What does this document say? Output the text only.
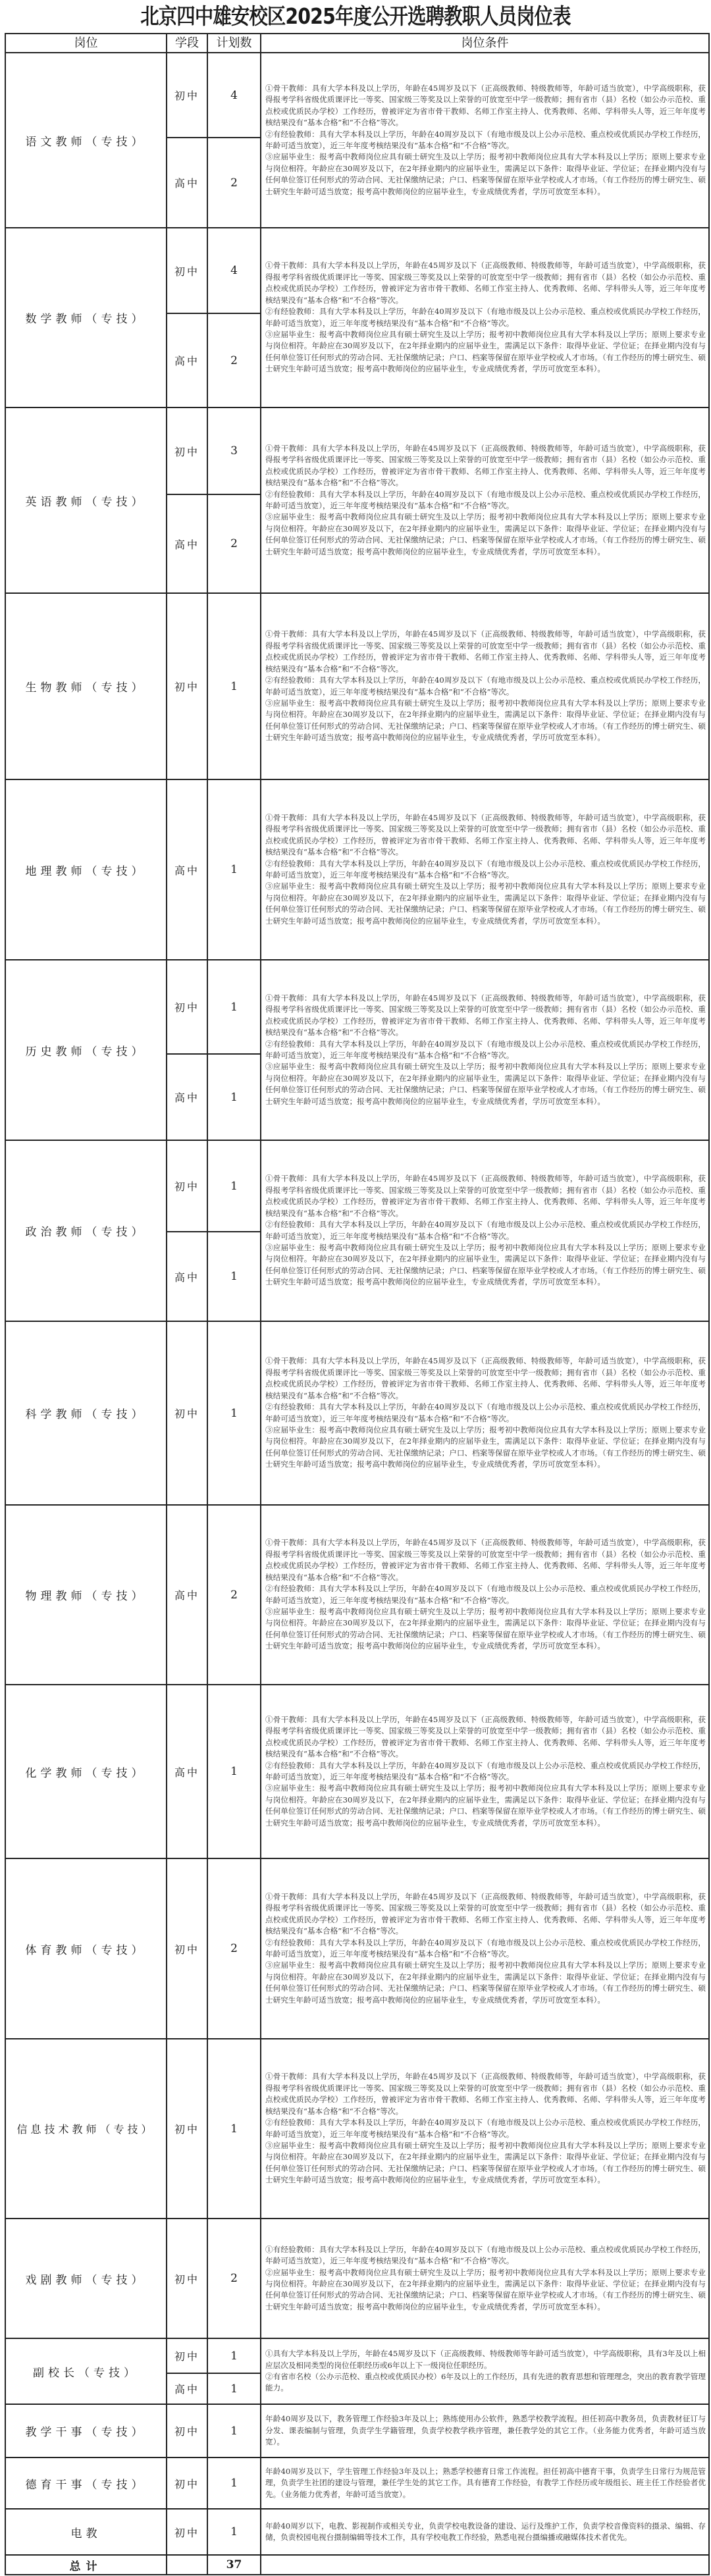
北京四中雄安校区2025年度公开选聘教职人员岗位表
岗位	学段	计划数	岗位条件
语文教师（专技）	初中	4	①骨干教师：具有大学本科及以上学历，年龄在45周岁及以下（正高级教师、特级教师等，年龄可适当放宽），中学高级职称，获得报考学科省级优质课评比一等奖、国家级三等奖及以上荣誉的可放宽至中学一级教师；拥有省市（县）名校（如公办示范校、重点校或优质民办学校）工作经历，曾被评定为省市骨干教师、名师工作室主持人、优秀教师、名师、学科带头人等，近三年年度考核结果没有“基本合格”和“不合格”等次。

②有经验教师：具有大学本科及以上学历，年龄在40周岁及以下（有地市级及以上公办示范校、重点校或优质民办学校工作经历，年龄可适当放宽），近三年年度考核结果没有“基本合格”和“不合格”等次。

③应届毕业生：报考高中教师岗位应具有硕士研究生及以上学历；报考初中教师岗位应具有大学本科及以上学历；原则上要求专业与岗位相符。年龄应在30周岁及以下，在2年择业期内的应届毕业生，需满足以下条件：取得毕业证、学位证；在择业期内没有与任何单位签订任何形式的劳动合同、无社保缴纳记录；户口、档案等保留在原毕业学校或人才市场。（有工作经历的博士研究生、硕士研究生年龄可适当放宽；报考高中教师岗位的应届毕业生，专业成绩优秀者，学历可放宽至本科）。

	高中	2	
数学教师（专技）	初中	4	①骨干教师：具有大学本科及以上学历，年龄在45周岁及以下（正高级教师、特级教师等，年龄可适当放宽），中学高级职称，获得报考学科省级优质课评比一等奖、国家级三等奖及以上荣誉的可放宽至中学一级教师；拥有省市（县）名校（如公办示范校、重点校或优质民办学校）工作经历，曾被评定为省市骨干教师、名师工作室主持人、优秀教师、名师、学科带头人等，近三年年度考核结果没有“基本合格”和“不合格”等次。

②有经验教师：具有大学本科及以上学历，年龄在40周岁及以下（有地市级及以上公办示范校、重点校或优质民办学校工作经历，年龄可适当放宽），近三年年度考核结果没有“基本合格”和“不合格”等次。

③应届毕业生：报考高中教师岗位应具有硕士研究生及以上学历；报考初中教师岗位应具有大学本科及以上学历；原则上要求专业与岗位相符。年龄应在30周岁及以下，在2年择业期内的应届毕业生，需满足以下条件：取得毕业证、学位证；在择业期内没有与任何单位签订任何形式的劳动合同、无社保缴纳记录；户口、档案等保留在原毕业学校或人才市场。（有工作经历的博士研究生、硕士研究生年龄可适当放宽；报考高中教师岗位的应届毕业生，专业成绩优秀者，学历可放宽至本科）。

	高中	2	
英语教师（专技）	初中	3	①骨干教师：具有大学本科及以上学历，年龄在45周岁及以下（正高级教师、特级教师等，年龄可适当放宽），中学高级职称，获得报考学科省级优质课评比一等奖、国家级三等奖及以上荣誉的可放宽至中学一级教师；拥有省市（县）名校（如公办示范校、重点校或优质民办学校）工作经历，曾被评定为省市骨干教师、名师工作室主持人、优秀教师、名师、学科带头人等，近三年年度考核结果没有“基本合格”和“不合格”等次。

②有经验教师：具有大学本科及以上学历，年龄在40周岁及以下（有地市级及以上公办示范校、重点校或优质民办学校工作经历，年龄可适当放宽），近三年年度考核结果没有“基本合格”和“不合格”等次。

③应届毕业生：报考高中教师岗位应具有硕士研究生及以上学历；报考初中教师岗位应具有大学本科及以上学历；原则上要求专业与岗位相符。年龄应在30周岁及以下，在2年择业期内的应届毕业生，需满足以下条件：取得毕业证、学位证；在择业期内没有与任何单位签订任何形式的劳动合同、无社保缴纳记录；户口、档案等保留在原毕业学校或人才市场。（有工作经历的博士研究生、硕士研究生年龄可适当放宽；报考高中教师岗位的应届毕业生，专业成绩优秀者，学历可放宽至本科）。

	高中	2	
生物教师（专技）	初中	1	①骨干教师：具有大学本科及以上学历，年龄在45周岁及以下（正高级教师、特级教师等，年龄可适当放宽），中学高级职称，获得报考学科省级优质课评比一等奖、国家级三等奖及以上荣誉的可放宽至中学一级教师；拥有省市（县）名校（如公办示范校、重点校或优质民办学校）工作经历，曾被评定为省市骨干教师、名师工作室主持人、优秀教师、名师、学科带头人等，近三年年度考核结果没有“基本合格”和“不合格”等次。

②有经验教师：具有大学本科及以上学历，年龄在40周岁及以下（有地市级及以上公办示范校、重点校或优质民办学校工作经历，年龄可适当放宽），近三年年度考核结果没有“基本合格”和“不合格”等次。

③应届毕业生：报考高中教师岗位应具有硕士研究生及以上学历；报考初中教师岗位应具有大学本科及以上学历；原则上要求专业与岗位相符。年龄应在30周岁及以下，在2年择业期内的应届毕业生，需满足以下条件：取得毕业证、学位证；在择业期内没有与任何单位签订任何形式的劳动合同、无社保缴纳记录；户口、档案等保留在原毕业学校或人才市场。（有工作经历的博士研究生、硕士研究生年龄可适当放宽；报考高中教师岗位的应届毕业生，专业成绩优秀者，学历可放宽至本科）。

地理教师（专技）	高中	1	①骨干教师：具有大学本科及以上学历，年龄在45周岁及以下（正高级教师、特级教师等，年龄可适当放宽），中学高级职称，获得报考学科省级优质课评比一等奖、国家级三等奖及以上荣誉的可放宽至中学一级教师；拥有省市（县）名校（如公办示范校、重点校或优质民办学校）工作经历，曾被评定为省市骨干教师、名师工作室主持人、优秀教师、名师、学科带头人等，近三年年度考核结果没有“基本合格”和“不合格”等次。

②有经验教师：具有大学本科及以上学历，年龄在40周岁及以下（有地市级及以上公办示范校、重点校或优质民办学校工作经历，年龄可适当放宽），近三年年度考核结果没有“基本合格”和“不合格”等次。

③应届毕业生：报考高中教师岗位应具有硕士研究生及以上学历；报考初中教师岗位应具有大学本科及以上学历；原则上要求专业与岗位相符。年龄应在30周岁及以下，在2年择业期内的应届毕业生，需满足以下条件：取得毕业证、学位证；在择业期内没有与任何单位签订任何形式的劳动合同、无社保缴纳记录；户口、档案等保留在原毕业学校或人才市场。（有工作经历的博士研究生、硕士研究生年龄可适当放宽；报考高中教师岗位的应届毕业生，专业成绩优秀者，学历可放宽至本科）。

历史教师（专技）	初中	1	①骨干教师：具有大学本科及以上学历，年龄在45周岁及以下（正高级教师、特级教师等，年龄可适当放宽），中学高级职称，获得报考学科省级优质课评比一等奖、国家级三等奖及以上荣誉的可放宽至中学一级教师；拥有省市（县）名校（如公办示范校、重点校或优质民办学校）工作经历，曾被评定为省市骨干教师、名师工作室主持人、优秀教师、名师、学科带头人等，近三年年度考核结果没有“基本合格”和“不合格”等次。

②有经验教师：具有大学本科及以上学历，年龄在40周岁及以下（有地市级及以上公办示范校、重点校或优质民办学校工作经历，年龄可适当放宽），近三年年度考核结果没有“基本合格”和“不合格”等次。

③应届毕业生：报考高中教师岗位应具有硕士研究生及以上学历；报考初中教师岗位应具有大学本科及以上学历；原则上要求专业与岗位相符。年龄应在30周岁及以下，在2年择业期内的应届毕业生，需满足以下条件：取得毕业证、学位证；在择业期内没有与任何单位签订任何形式的劳动合同、无社保缴纳记录；户口、档案等保留在原毕业学校或人才市场。（有工作经历的博士研究生、硕士研究生年龄可适当放宽；报考高中教师岗位的应届毕业生，专业成绩优秀者，学历可放宽至本科）。

	高中	1	
政治教师（专技）	初中	1	①骨干教师：具有大学本科及以上学历，年龄在45周岁及以下（正高级教师、特级教师等，年龄可适当放宽），中学高级职称，获得报考学科省级优质课评比一等奖、国家级三等奖及以上荣誉的可放宽至中学一级教师；拥有省市（县）名校（如公办示范校、重点校或优质民办学校）工作经历，曾被评定为省市骨干教师、名师工作室主持人、优秀教师、名师、学科带头人等，近三年年度考核结果没有“基本合格”和“不合格”等次。

②有经验教师：具有大学本科及以上学历，年龄在40周岁及以下（有地市级及以上公办示范校、重点校或优质民办学校工作经历，年龄可适当放宽），近三年年度考核结果没有“基本合格”和“不合格”等次。

③应届毕业生：报考高中教师岗位应具有硕士研究生及以上学历；报考初中教师岗位应具有大学本科及以上学历；原则上要求专业与岗位相符。年龄应在30周岁及以下，在2年择业期内的应届毕业生，需满足以下条件：取得毕业证、学位证；在择业期内没有与任何单位签订任何形式的劳动合同、无社保缴纳记录；户口、档案等保留在原毕业学校或人才市场。（有工作经历的博士研究生、硕士研究生年龄可适当放宽；报考高中教师岗位的应届毕业生，专业成绩优秀者，学历可放宽至本科）。

	高中	1	
科学教师（专技）	初中	1	①骨干教师：具有大学本科及以上学历，年龄在45周岁及以下（正高级教师、特级教师等，年龄可适当放宽），中学高级职称，获得报考学科省级优质课评比一等奖、国家级三等奖及以上荣誉的可放宽至中学一级教师；拥有省市（县）名校（如公办示范校、重点校或优质民办学校）工作经历，曾被评定为省市骨干教师、名师工作室主持人、优秀教师、名师、学科带头人等，近三年年度考核结果没有“基本合格”和“不合格”等次。

②有经验教师：具有大学本科及以上学历，年龄在40周岁及以下（有地市级及以上公办示范校、重点校或优质民办学校工作经历，年龄可适当放宽），近三年年度考核结果没有“基本合格”和“不合格”等次。

③应届毕业生：报考高中教师岗位应具有硕士研究生及以上学历；报考初中教师岗位应具有大学本科及以上学历；原则上要求专业与岗位相符。年龄应在30周岁及以下，在2年择业期内的应届毕业生，需满足以下条件：取得毕业证、学位证；在择业期内没有与任何单位签订任何形式的劳动合同、无社保缴纳记录；户口、档案等保留在原毕业学校或人才市场。（有工作经历的博士研究生、硕士研究生年龄可适当放宽；报考高中教师岗位的应届毕业生，专业成绩优秀者，学历可放宽至本科）。

物理教师（专技）	高中	2	①骨干教师：具有大学本科及以上学历，年龄在45周岁及以下（正高级教师、特级教师等，年龄可适当放宽），中学高级职称，获得报考学科省级优质课评比一等奖、国家级三等奖及以上荣誉的可放宽至中学一级教师；拥有省市（县）名校（如公办示范校、重点校或优质民办学校）工作经历，曾被评定为省市骨干教师、名师工作室主持人、优秀教师、名师、学科带头人等，近三年年度考核结果没有“基本合格”和“不合格”等次。

②有经验教师：具有大学本科及以上学历，年龄在40周岁及以下（有地市级及以上公办示范校、重点校或优质民办学校工作经历，年龄可适当放宽），近三年年度考核结果没有“基本合格”和“不合格”等次。

③应届毕业生：报考高中教师岗位应具有硕士研究生及以上学历；报考初中教师岗位应具有大学本科及以上学历；原则上要求专业与岗位相符。年龄应在30周岁及以下，在2年择业期内的应届毕业生，需满足以下条件：取得毕业证、学位证；在择业期内没有与任何单位签订任何形式的劳动合同、无社保缴纳记录；户口、档案等保留在原毕业学校或人才市场。（有工作经历的博士研究生、硕士研究生年龄可适当放宽；报考高中教师岗位的应届毕业生，专业成绩优秀者，学历可放宽至本科）。

化学教师（专技）	高中	1	①骨干教师：具有大学本科及以上学历，年龄在45周岁及以下（正高级教师、特级教师等，年龄可适当放宽），中学高级职称，获得报考学科省级优质课评比一等奖、国家级三等奖及以上荣誉的可放宽至中学一级教师；拥有省市（县）名校（如公办示范校、重点校或优质民办学校）工作经历，曾被评定为省市骨干教师、名师工作室主持人、优秀教师、名师、学科带头人等，近三年年度考核结果没有“基本合格”和“不合格”等次。

②有经验教师：具有大学本科及以上学历，年龄在40周岁及以下（有地市级及以上公办示范校、重点校或优质民办学校工作经历，年龄可适当放宽），近三年年度考核结果没有“基本合格”和“不合格”等次。

③应届毕业生：报考高中教师岗位应具有硕士研究生及以上学历；报考初中教师岗位应具有大学本科及以上学历；原则上要求专业与岗位相符。年龄应在30周岁及以下，在2年择业期内的应届毕业生，需满足以下条件：取得毕业证、学位证；在择业期内没有与任何单位签订任何形式的劳动合同、无社保缴纳记录；户口、档案等保留在原毕业学校或人才市场。（有工作经历的博士研究生、硕士研究生年龄可适当放宽；报考高中教师岗位的应届毕业生，专业成绩优秀者，学历可放宽至本科）。

体育教师（专技）	初中	2	①骨干教师：具有大学本科及以上学历，年龄在45周岁及以下（正高级教师、特级教师等，年龄可适当放宽），中学高级职称，获得报考学科省级优质课评比一等奖、国家级三等奖及以上荣誉的可放宽至中学一级教师；拥有省市（县）名校（如公办示范校、重点校或优质民办学校）工作经历，曾被评定为省市骨干教师、名师工作室主持人、优秀教师、名师、学科带头人等，近三年年度考核结果没有“基本合格”和“不合格”等次。

②有经验教师：具有大学本科及以上学历，年龄在40周岁及以下（有地市级及以上公办示范校、重点校或优质民办学校工作经历，年龄可适当放宽），近三年年度考核结果没有“基本合格”和“不合格”等次。

③应届毕业生：报考高中教师岗位应具有硕士研究生及以上学历；报考初中教师岗位应具有大学本科及以上学历；原则上要求专业与岗位相符。年龄应在30周岁及以下，在2年择业期内的应届毕业生，需满足以下条件：取得毕业证、学位证；在择业期内没有与任何单位签订任何形式的劳动合同、无社保缴纳记录；户口、档案等保留在原毕业学校或人才市场。（有工作经历的博士研究生、硕士研究生年龄可适当放宽；报考高中教师岗位的应届毕业生，专业成绩优秀者，学历可放宽至本科）。

信息技术教师（专技）	初中	1	①骨干教师：具有大学本科及以上学历，年龄在45周岁及以下（正高级教师、特级教师等，年龄可适当放宽），中学高级职称，获得报考学科省级优质课评比一等奖、国家级三等奖及以上荣誉的可放宽至中学一级教师；拥有省市（县）名校（如公办示范校、重点校或优质民办学校）工作经历，曾被评定为省市骨干教师、名师工作室主持人、优秀教师、名师、学科带头人等，近三年年度考核结果没有“基本合格”和“不合格”等次。

②有经验教师：具有大学本科及以上学历，年龄在40周岁及以下（有地市级及以上公办示范校、重点校或优质民办学校工作经历，年龄可适当放宽），近三年年度考核结果没有“基本合格”和“不合格”等次。

③应届毕业生：报考高中教师岗位应具有硕士研究生及以上学历；报考初中教师岗位应具有大学本科及以上学历；原则上要求专业与岗位相符。年龄应在30周岁及以下，在2年择业期内的应届毕业生，需满足以下条件：取得毕业证、学位证；在择业期内没有与任何单位签订任何形式的劳动合同、无社保缴纳记录；户口、档案等保留在原毕业学校或人才市场。（有工作经历的博士研究生、硕士研究生年龄可适当放宽；报考高中教师岗位的应届毕业生，专业成绩优秀者，学历可放宽至本科）。

戏剧教师（专技）	初中	2	①有经验教师：具有大学本科及以上学历，年龄在40周岁及以下（有地市级及以上公办示范校、重点校或优质民办学校工作经历，年龄可适当放宽），近三年年度考核结果没有“基本合格”和“不合格”等次。

②应届毕业生：报考高中教师岗位应具有硕士研究生及以上学历；报考初中教师岗位应具有大学本科及以上学历；原则上要求专业与岗位相符。年龄应在30周岁及以下，在2年择业期内的应届毕业生，需满足以下条件：取得毕业证、学位证；在择业期内没有与任何单位签订任何形式的劳动合同、无社保缴纳记录；户口、档案等保留在原毕业学校或人才市场。（有工作经历的博士研究生、硕士研究生年龄可适当放宽；报考高中教师岗位的应届毕业生，专业成绩优秀者，学历可放宽至本科）。

副校长（专技）	初中	1	①具有大学本科及以上学历，年龄在45周岁及以下（正高级教师、特级教师等年龄可适当放宽），中学高级职称，具有3年及以上相应层次及相同类型的岗位任职经历或6年以上下一级岗位任职经历。

②有省市名校（公办示范校、重点校或优质民办校）6年及以上的工作经历，具有先进的教育思想和管理理念，突出的教育教学管理能力。

	高中	1	
教学干事（专技）	初中	1	年龄40周岁及以下，教务管理工作经验3年及以上；熟练使用办公软件，熟悉学校教学流程。担任初高中教务员，负责教材征订与分发、课表编制与管理，负责学生学籍管理，负责学校教学秩序管理，兼任教学处的其它工作。（业务能力优秀者，年龄可适当放宽）。

德育干事（专技）	初中	1	年龄40周岁及以下，学生管理工作经验3年及以上；熟悉学校德育日常工作流程。担任初高中德育干事，负责学生日常行为规范管理，负责学生社团的建设与管理，兼任学生处的其它工作。具有德育工作经验，有教学工作经历或年级组长、班主任工作经验者优先。（业务能力优秀者，年龄可适当放宽）。

电教	初中	1	年龄40周岁以下，电教、影视制作或相关专业，负责学校电教设备的建设、运行及维护工作，负责学校音像资料的摄录、编辑、存储，负责校园电视台摄制编辑等技术工作，具有学校电教工作经验，熟悉电视台摄编播或融媒体技术者优先。

总计		37	
